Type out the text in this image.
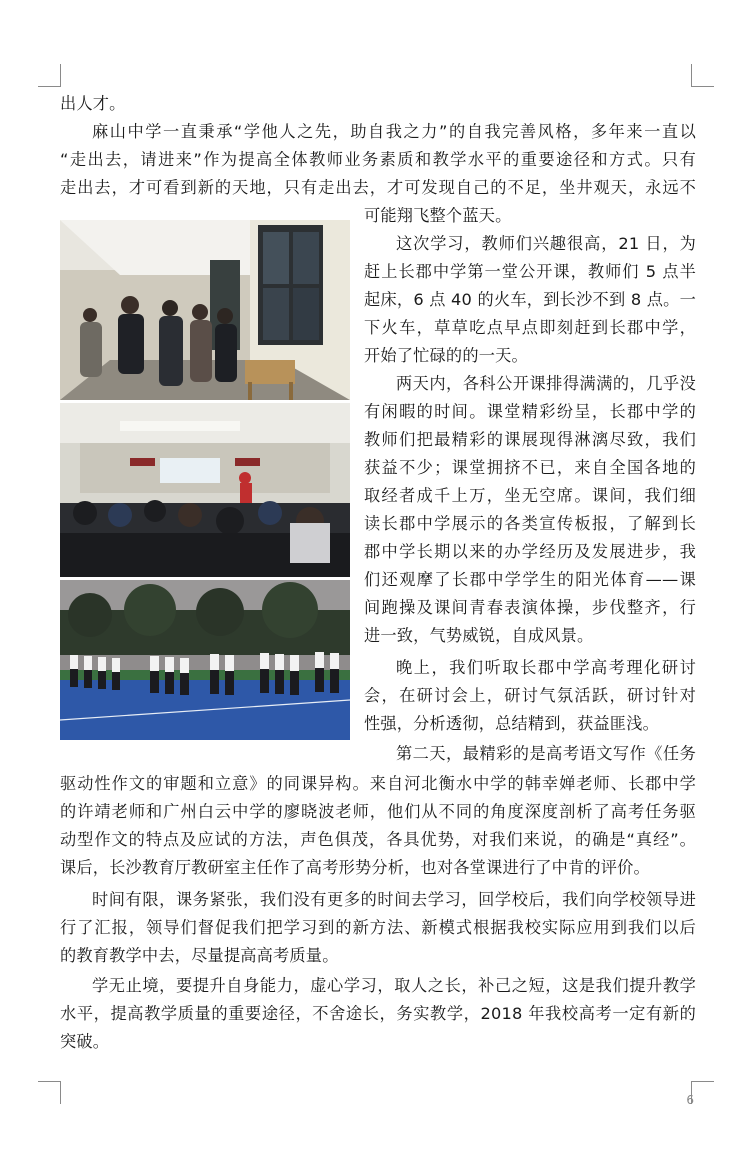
出人才。
麻山中学一直秉承“学他人之先，助自我之力”的自我完善风格，多年来一直以
“走出去，请进来”作为提高全体教师业务素质和教学水平的重要途径和方式。只有
走出去，才可看到新的天地，只有走出去，才可发现自己的不足，坐井观天，永远不
可能翔飞整个蓝天。
这次学习，教师们兴趣很高，21 日，为
赶上长郡中学第一堂公开课，教师们 5 点半
起床，6 点 40 的火车，到长沙不到 8 点。一
下火车，草草吃点早点即刻赶到长郡中学，
开始了忙碌的的一天。
两天内，各科公开课排得满满的，几乎没
有闲暇的时间。课堂精彩纷呈，长郡中学的
教师们把最精彩的课展现得淋漓尽致，我们
获益不少；课堂拥挤不已，来自全国各地的
取经者成千上万，坐无空席。课间，我们细
读长郡中学展示的各类宣传板报，了解到长
郡中学长期以来的办学经历及发展进步，我
们还观摩了长郡中学学生的阳光体育——课
间跑操及课间青春表演体操，步伐整齐，行
进一致，气势威锐，自成风景。
晚上，我们听取长郡中学高考理化研讨
会，在研讨会上，研讨气氛活跃，研讨针对
性强，分析透彻，总结精到，获益匪浅。
第二天，最精彩的是高考语文写作《任务
驱动性作文的审题和立意》的同课异构。来自河北衡水中学的韩幸婵老师、长郡中学
的许靖老师和广州白云中学的廖晓波老师，他们从不同的角度深度剖析了高考任务驱
动型作文的特点及应试的方法，声色俱茂，各具优势，对我们来说，的确是“真经”。
课后，长沙教育厅教研室主任作了高考形势分析，也对各堂课进行了中肯的评价。
时间有限，课务紧张，我们没有更多的时间去学习，回学校后，我们向学校领导进
行了汇报，领导们督促我们把学习到的新方法、新模式根据我校实际应用到我们以后
的教育教学中去，尽量提高高考质量。
学无止境，要提升自身能力，虚心学习，取人之长，补己之短，这是我们提升教学
水平，提高教学质量的重要途径，不舍途长，务实教学，2018 年我校高考一定有新的
突破。
6
